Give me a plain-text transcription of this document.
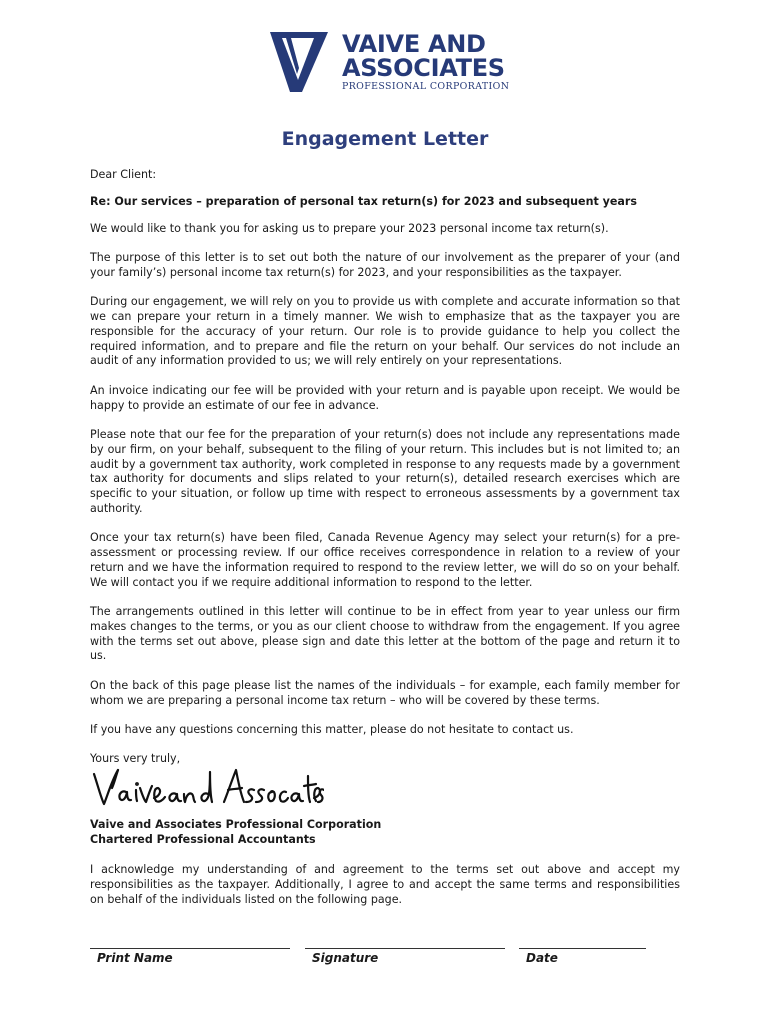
VAIVE AND
ASSOCIATES
PROFESSIONAL CORPORATION
Engagement Letter

Dear Client:

Re: Our services – preparation of personal tax return(s) for 2023 and subsequent years

We would like to thank you for asking us to prepare your 2023 personal income tax return(s).

The purpose of this letter is to set out both the nature of our involvement as the preparer of your (and your family’s) personal income tax return(s) for 2023, and your responsibilities as the taxpayer.

During our engagement, we will rely on you to provide us with complete and accurate information so that we can prepare your return in a timely manner. We wish to emphasize that as the taxpayer you are responsible for the accuracy of your return. Our role is to provide guidance to help you collect the required information, and to prepare and file the return on your behalf. Our services do not include an audit of any information provided to us; we will rely entirely on your representations.

An invoice indicating our fee will be provided with your return and is payable upon receipt. We would be happy to provide an estimate of our fee in advance.

Please note that our fee for the preparation of your return(s) does not include any representations made by our firm, on your behalf, subsequent to the filing of your return. This includes but is not limited to; an audit by a government tax authority, work completed in response to any requests made by a government tax authority for documents and slips related to your return(s), detailed research exercises which are specific to your situation, or follow up time with respect to erroneous assessments by a government tax authority.

Once your tax return(s) have been filed, Canada Revenue Agency may select your return(s) for a pre-assessment or processing review. If our office receives correspondence in relation to a review of your return and we have the information required to respond to the review letter, we will do so on your behalf. We will contact you if we require additional information to respond to the letter.

The arrangements outlined in this letter will continue to be in effect from year to year unless our firm makes changes to the terms, or you as our client choose to withdraw from the engagement. If you agree with the terms set out above, please sign and date this letter at the bottom of the page and return it to us.

On the back of this page please list the names of the individuals – for example, each family member for whom we are preparing a personal income tax return – who will be covered by these terms.

If you have any questions concerning this matter, please do not hesitate to contact us.

Yours very truly,

Vaive and Associates Professional Corporation

Chartered Professional Accountants

I acknowledge my understanding of and agreement to the terms set out above and accept my responsibilities as the taxpayer. Additionally, I agree to and accept the same terms and responsibilities on behalf of the individuals listed on the following page.

Print Name	Signature	Date
